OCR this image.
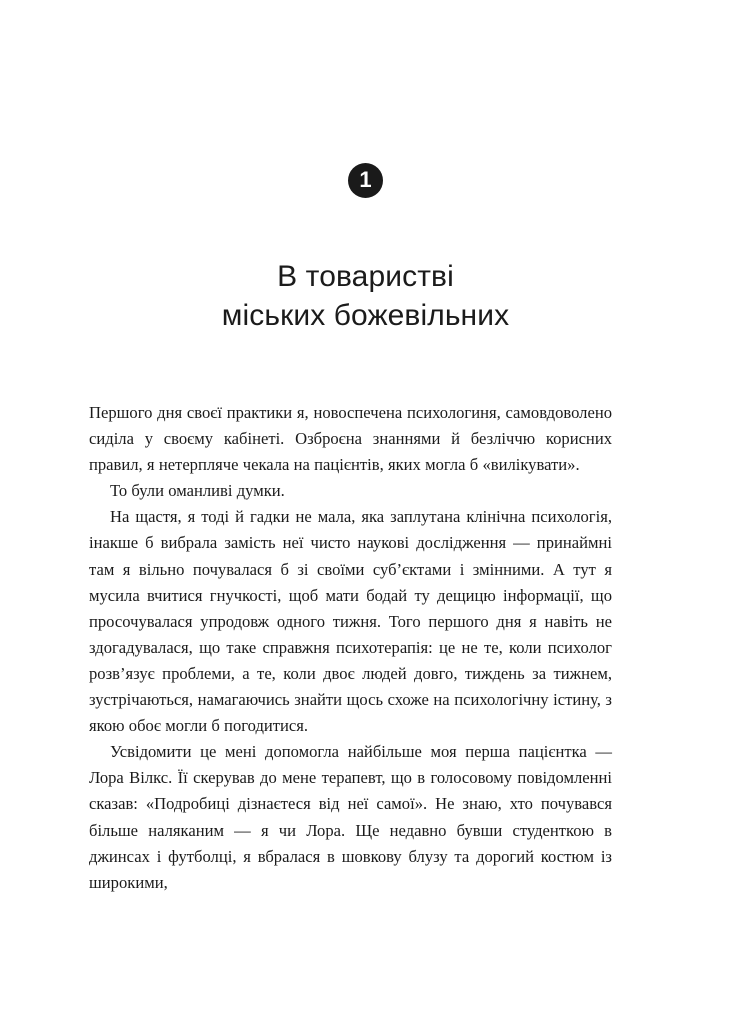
1
В товаристві
міських божевільних

Першого дня своєї практики я, новоспечена психологиня, самовдоволено сиділа у своєму кабінеті. Озброєна знаннями й безліччю корисних правил, я нетерпляче чекала на пацієнтів, яких могла б «вилікувати».

То були оманливі думки.

На щастя, я тоді й гадки не мала, яка заплутана клінічна психологія, інакше б вибрала замість неї чисто наукові дослідження — принаймні там я вільно почувалася б зі своїми суб’єктами і змінними. А тут я мусила вчитися гнучкості, щоб мати бодай ту дещицю інформації, що просочувалася упродовж одного тижня. Того першого дня я навіть не здогадувалася, що таке справжня психотерапія: це не те, коли психолог розв’язує проблеми, а те, коли двоє людей довго, тиждень за тижнем, зустрічаються, намагаючись знайти щось схоже на психологічну істину, з якою обоє могли б погодитися.

Усвідомити це мені допомогла найбільше моя перша пацієнтка — Лора Вілкс. Її скерував до мене терапевт, що в голосовому повідомленні сказав: «Подробиці дізнаєтеся від неї самої». Не знаю, хто почувався більше наляканим — я чи Лора. Ще недавно бувши студенткою в джинсах і футболці, я вбралася в шовкову блузу та дорогий костюм із широкими,
